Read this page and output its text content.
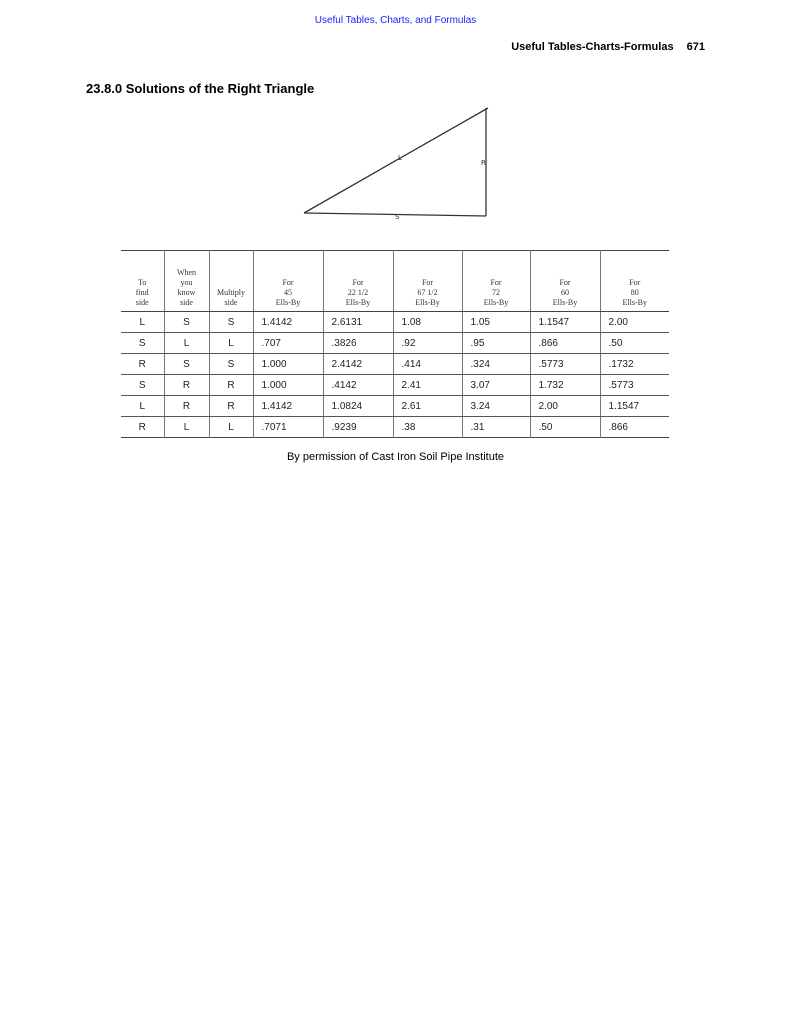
Useful Tables, Charts, and Formulas
Useful Tables-Charts-Formulas 671
23.8.0 Solutions of the Right Triangle
L
R
S
To
find
side	When
you
know
side	Multiply
side	For
45
Ells-By	For
22 1/2
Ells-By	For
67 1/2
Ells-By	For
72
Ells-By	For
60
Ells-By	For
80
Ells-By

L	S	S	1.4142	2.6131	1.08	1.05	1.1547	2.00
S	L	L	.707	.3826	.92	.95	.866	.50
R	S	S	1.000	2.4142	.414	.324	.5773	.1732
S	R	R	1.000	.4142	2.41	3.07	1.732	.5773
L	R	R	1.4142	1.0824	2.61	3.24	2.00	1.1547
R	L	L	.7071	.9239	.38	.31	.50	.866
By permission of Cast Iron Soil Pipe Institute
